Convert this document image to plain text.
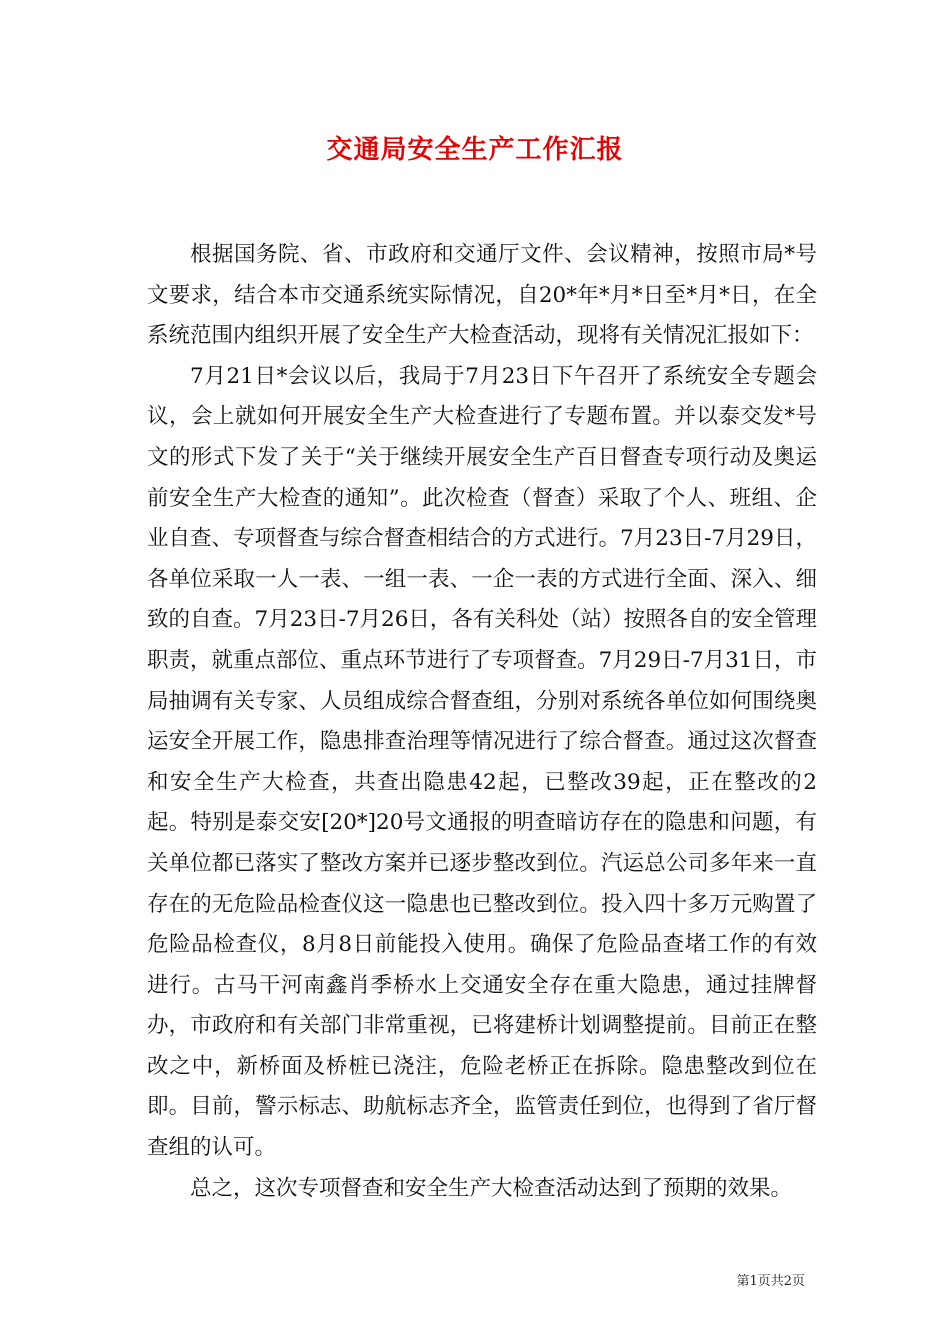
交通局安全生产工作汇报

根据国务院、省、市政府和交通厅文件、会议精神，按照市局*号文要求，结合本市交通系统实际情况，自20*年*月*日至*月*日，在全系统范围内组织开展了安全生产大检查活动，现将有关情况汇报如下：

7月21日*会议以后，我局于7月23日下午召开了系统安全专题会议，会上就如何开展安全生产大检查进行了专题布置。并以泰交发*号文的形式下发了关于“关于继续开展安全生产百日督查专项行动及奥运前安全生产大检查的通知”。此次检查（督查）采取了个人、班组、企业自查、专项督查与综合督查相结合的方式进行。7月23日-7月29日，各单位采取一人一表、一组一表、一企一表的方式进行全面、深入、细致的自查。7月23日-7月26日，各有关科处（站）按照各自的安全管理职责，就重点部位、重点环节进行了专项督查。7月29日-7月31日，市局抽调有关专家、人员组成综合督查组，分别对系统各单位如何围绕奥运安全开展工作，隐患排查治理等情况进行了综合督查。通过这次督查和安全生产大检查，共查出隐患42起，已整改39起，正在整改的2起。特别是泰交安[20*]20号文通报的明查暗访存在的隐患和问题，有关单位都已落实了整改方案并已逐步整改到位。汽运总公司多年来一直存在的无危险品检查仪这一隐患也已整改到位。投入四十多万元购置了危险品检查仪，8月8日前能投入使用。确保了危险品查堵工作的有效进行。古马干河南鑫肖季桥水上交通安全存在重大隐患，通过挂牌督办，市政府和有关部门非常重视，已将建桥计划调整提前。目前正在整改之中，新桥面及桥桩已浇注，危险老桥正在拆除。隐患整改到位在即。目前，警示标志、助航标志齐全，监管责任到位，也得到了省厅督查组的认可。

总之，这次专项督查和安全生产大检查活动达到了预期的效果。

第1页共2页
